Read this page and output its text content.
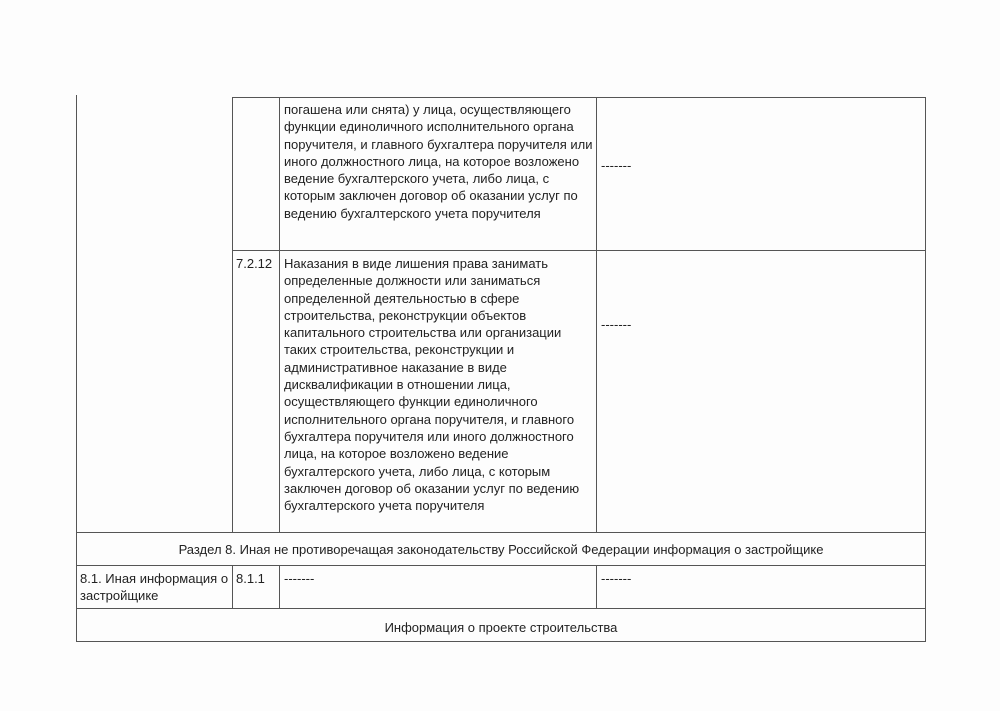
погашена или снята) у лица, осуществляющего функции единоличного исполнительного органа поручителя, и главного бухгалтера поручителя или иного должностного лица, на которое возложено ведение бухгалтерского учета, либо лица, с которым заключен договор об оказании услуг по ведению бухгалтерского учета поручителя
-------
7.2.12 Наказания в виде лишения права занимать определенные должности или заниматься определенной деятельностью в сфере строительства, реконструкции объектов капитального строительства или организации таких строительства, реконструкции и административное наказание в виде дисквалификации в отношении лица, осуществляющего функции единоличного исполнительного органа поручителя, и главного бухгалтера поручителя или иного должностного лица, на которое возложено ведение бухгалтерского учета, либо лица, с которым заключен договор об оказании услуг по ведению бухгалтерского учета поручителя
-------
Раздел 8. Иная не противоречащая законодательству Российской Федерации информация о застройщике
8.1. Иная информация о застройщике
8.1.1 -------	-------
Информация о проекте строительства
